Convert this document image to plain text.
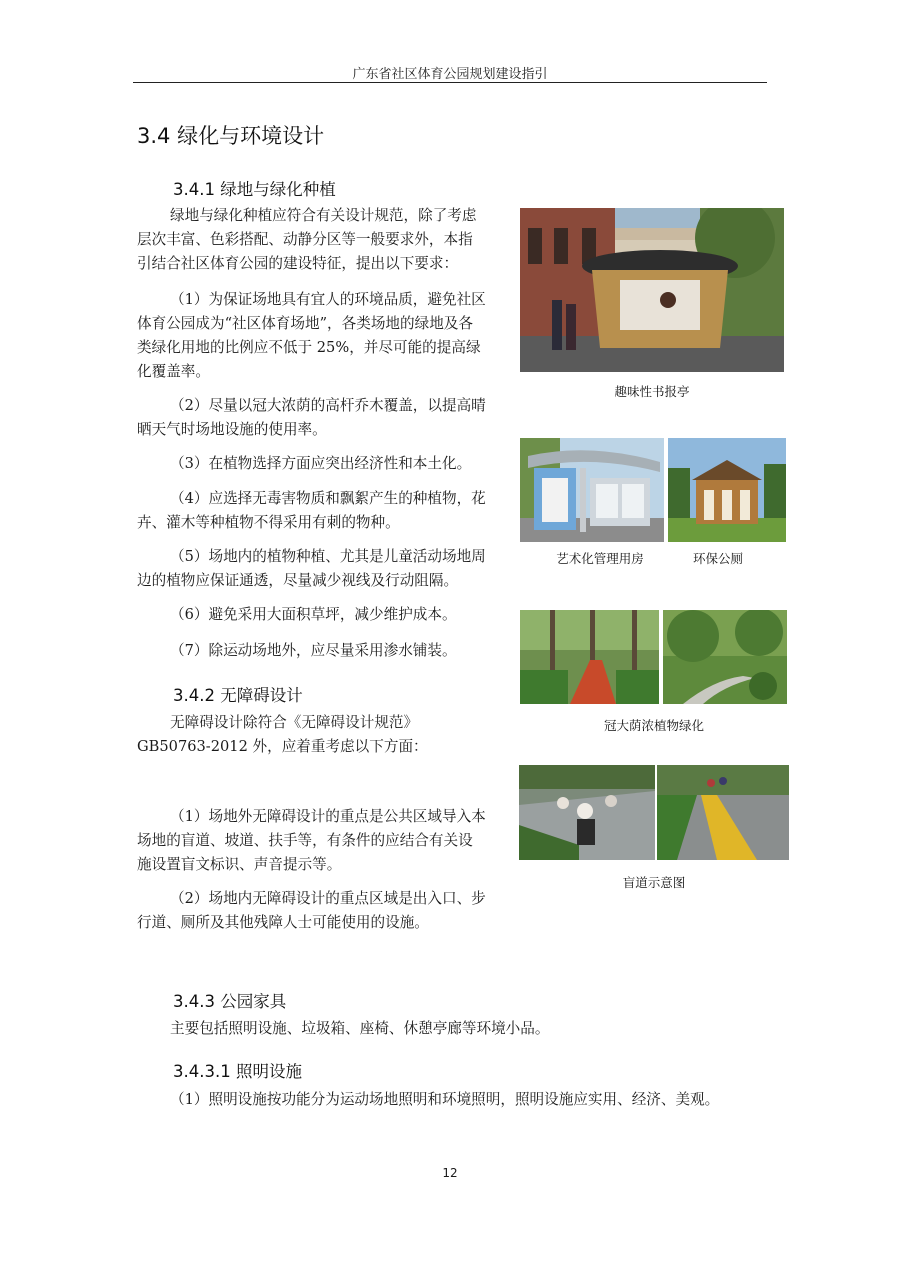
广东省社区体育公园规划建设指引
3.4 绿化与环境设计
3.4.1 绿地与绿化种植
绿地与绿化种植应符合有关设计规范，除了考虑
层次丰富、色彩搭配、动静分区等一般要求外，本指
引结合社区体育公园的建设特征，提出以下要求：
（1）为保证场地具有宜人的环境品质，避免社区
体育公园成为“社区体育场地”，各类场地的绿地及各
类绿化用地的比例应不低于 25%，并尽可能的提高绿
化覆盖率。
（2）尽量以冠大浓荫的高杆乔木覆盖，以提高晴
晒天气时场地设施的使用率。
（3）在植物选择方面应突出经济性和本土化。
（4）应选择无毒害物质和飘絮产生的种植物，花
卉、灌木等种植物不得采用有刺的物种。
（5）场地内的植物种植、尤其是儿童活动场地周
边的植物应保证通透，尽量减少视线及行动阻隔。
（6）避免采用大面积草坪，减少维护成本。
（7）除运动场地外，应尽量采用渗水铺装。
3.4.2 无障碍设计
无障碍设计除符合《无障碍设计规范》
GB50763-2012 外，应着重考虑以下方面：
（1）场地外无障碍设计的重点是公共区域导入本
场地的盲道、坡道、扶手等，有条件的应结合有关设
施设置盲文标识、声音提示等。
（2）场地内无障碍设计的重点区域是出入口、步
行道、厕所及其他残障人士可能使用的设施。
3.4.3 公园家具
主要包括照明设施、垃圾箱、座椅、休憩亭廊等环境小品。
3.4.3.1 照明设施
（1）照明设施按功能分为运动场地照明和环境照明，照明设施应实用、经济、美观。
趣味性书报亭
艺术化管理用房	环保公厕
冠大荫浓植物绿化
盲道示意图
12
